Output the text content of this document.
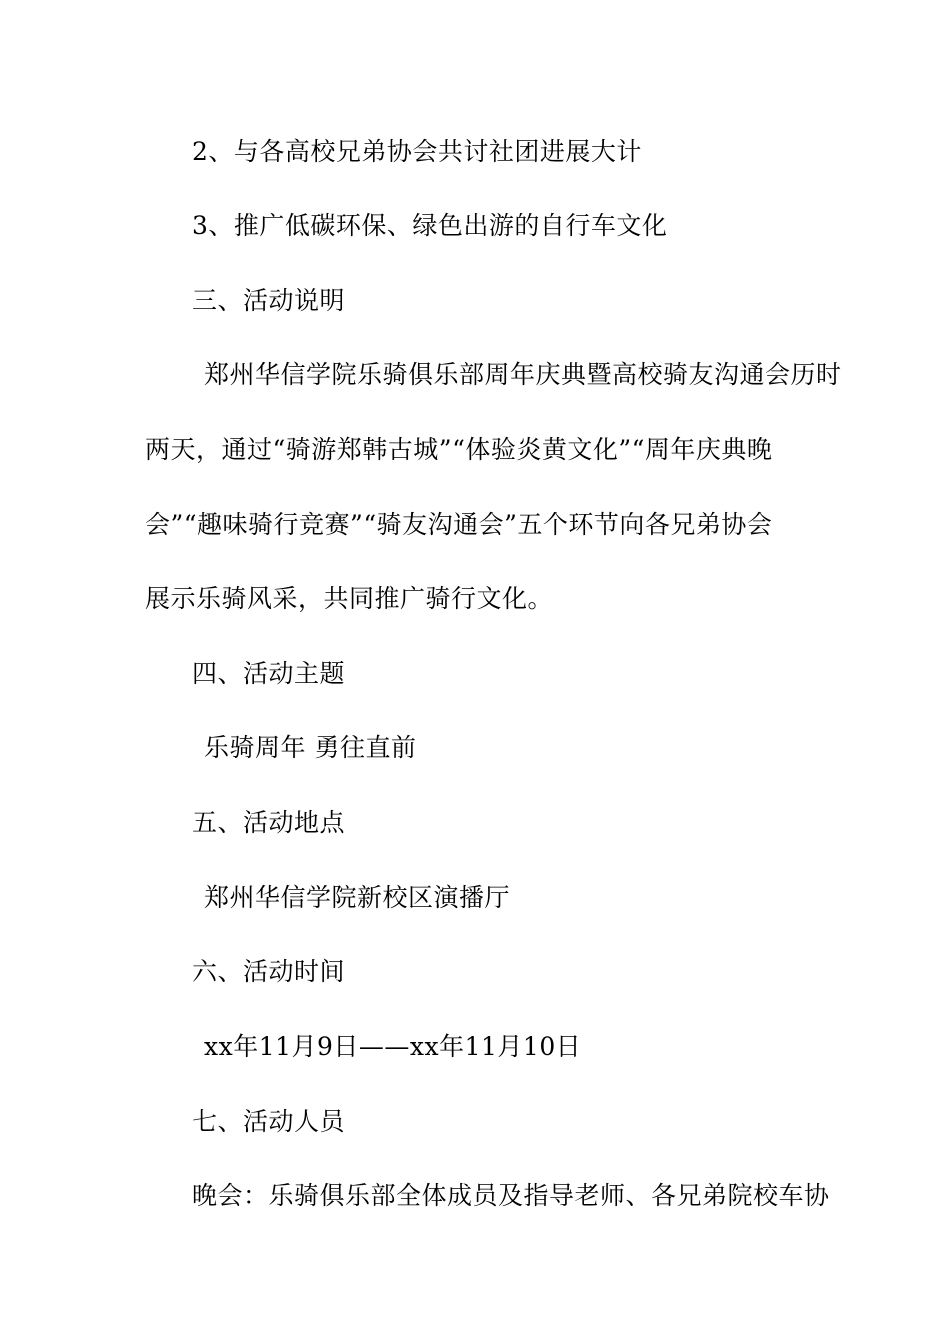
2、与各高校兄弟协会共讨社团进展大计
3、推广低碳环保、绿色出游的自行车文化
三、活动说明
郑州华信学院乐骑俱乐部周年庆典暨高校骑友沟通会历时
两天，通过“骑游郑韩古城”“体验炎黄文化”“周年庆典晚
会”“趣味骑行竞赛”“骑友沟通会”五个环节向各兄弟协会
展示乐骑风采，共同推广骑行文化。
四、活动主题
乐骑周年 勇往直前
五、活动地点
郑州华信学院新校区演播厅
六、活动时间
xx年11月9日——xx年11月10日
七、活动人员
晚会：乐骑俱乐部全体成员及指导老师、各兄弟院校车协
